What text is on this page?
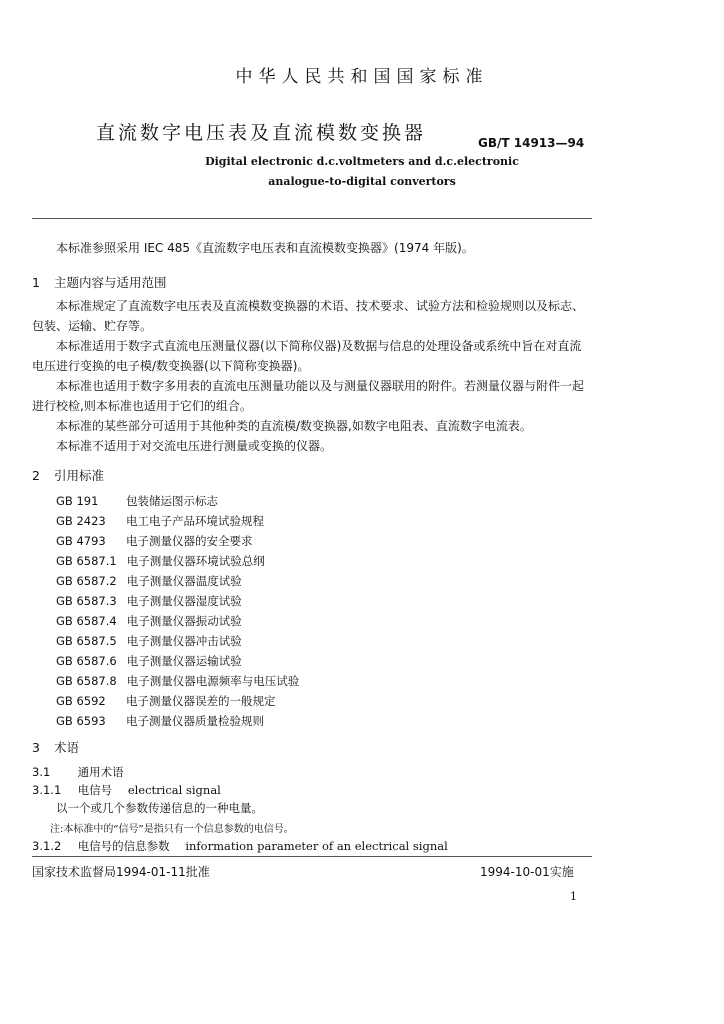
中华人民共和国国家标准
直流数字电压表及直流模数变换器	GB/T 14913—94
Digital electronic d.c.voltmeters and d.c.electronic
analogue-to-digital convertors
本标准参照采用 IEC 485《直流数字电压表和直流模数变换器》(1974 年版)。
1 主题内容与适用范围
本标准规定了直流数字电压表及直流模数变换器的术语、技术要求、试验方法和检验规则以及标志、包装、运输、贮存等。
本标准适用于数字式直流电压测量仪器(以下简称仪器)及数据与信息的处理设备或系统中旨在对直流电压进行变换的电子模/数变换器(以下简称变换器)。
本标准也适用于数字多用表的直流电压测量功能以及与测量仪器联用的附件。若测量仪器与附件一起进行校检,则本标准也适用于它们的组合。
本标准的某些部分可适用于其他种类的直流模/数变换器,如数字电阻表、直流数字电流表。
本标准不适用于对交流电压进行测量或变换的仪器。
2 引用标准
GB 191 包装储运图示标志
GB 2423 电工电子产品环境试验规程
GB 4793 电子测量仪器的安全要求
GB 6587.1 电子测量仪器环境试验总纲
GB 6587.2 电子测量仪器温度试验
GB 6587.3 电子测量仪器湿度试验
GB 6587.4 电子测量仪器振动试验
GB 6587.5 电子测量仪器冲击试验
GB 6587.6 电子测量仪器运输试验
GB 6587.8 电子测量仪器电源频率与电压试验
GB 6592 电子测量仪器误差的一般规定
GB 6593 电子测量仪器质量检验规则
3 术语
3.1 通用术语
3.1.1 电信号 electrical signal
以一个或几个参数传递信息的一种电量。
注:本标准中的“信号”是指只有一个信息参数的电信号。
3.1.2 电信号的信息参数 information parameter of an electrical signal
国家技术监督局1994-01-11批准	1994-10-01实施
1
